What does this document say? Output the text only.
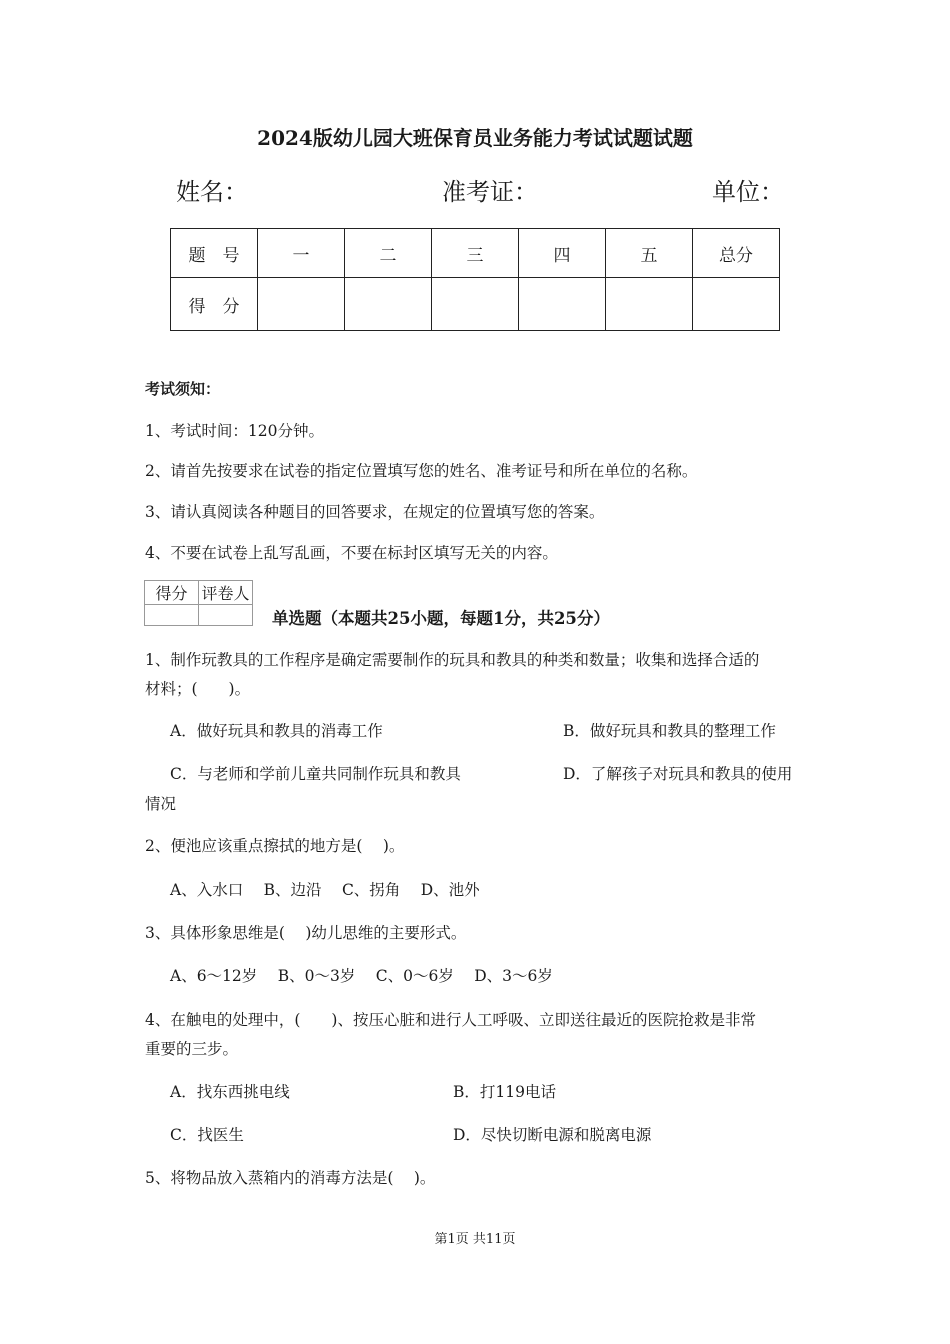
2024版幼儿园大班保育员业务能力考试试题试题
姓名：	准考证：	单位：
题　号	一	二	三	四	五	总分
得　分						
考试须知：
1、考试时间：120分钟。
2、请首先按要求在试卷的指定位置填写您的姓名、准考证号和所在单位的名称。
3、请认真阅读各种题目的回答要求，在规定的位置填写您的答案。
4、不要在试卷上乱写乱画，不要在标封区填写无关的内容。
得分	评卷人

单选题（本题共25小题，每题1分，共25分）
1、制作玩教具的工作程序是确定需要制作的玩具和教具的种类和数量；收集和选择合适的
材料；(　　)。
A．做好玩具和教具的消毒工作	B．做好玩具和教具的整理工作
C．与老师和学前儿童共同制作玩具和教具	D．了解孩子对玩具和教具的使用
情况
2、便池应该重点擦拭的地方是(　 )。
A、入水口　 B、边沿　 C、拐角　 D、池外
3、具体形象思维是(　 )幼儿思维的主要形式。
A、6～12岁　 B、0～3岁　 C、0～6岁　 D、3～6岁
4、在触电的处理中，(　　)、按压心脏和进行人工呼吸、立即送往最近的医院抢救是非常
重要的三步。
A．找东西挑电线	B．打119电话
C．找医生	D．尽快切断电源和脱离电源
5、将物品放入蒸箱内的消毒方法是(　 )。
第1页 共11页
